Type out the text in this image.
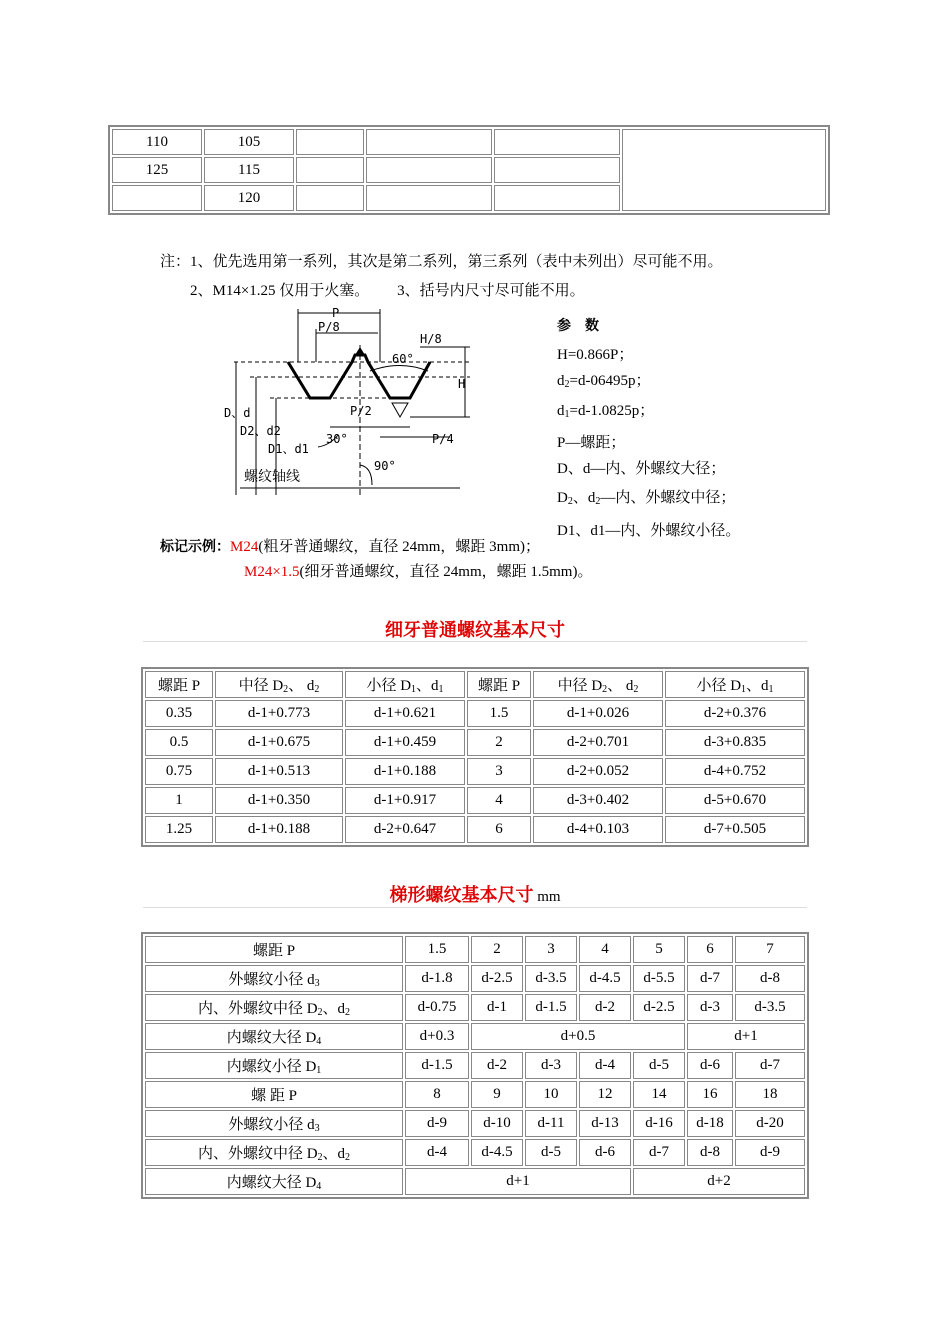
110	105				
125	115				
	120				
注：1、优先选用第一系列，其次是第二系列，第三系列（表中未列出）尽可能不用。
2、M14×1.25 仅用于火塞。 3、括号内尺寸尽可能不用。
P
P/8
H/8
60°
H
D、d
D2、d2
D1、d1
P/2
P/4
30°
90°
螺纹轴线
参　数
H=0.866P；
$d_2=d-06495p$；
$d_1=d-1.0825p$；
P—螺距；
D、d—内、外螺纹大径；
$D_2$、$d_2—$内、外螺纹中径；
D1、d1—内、外螺纹小径。
标记示例：M24(粗牙普通螺纹，直径 24mm，螺距 3mm)；
M24×1.5(细牙普通螺纹，直径 24mm，螺距 1.5mm)。
细牙普通螺纹基本尺寸
螺距 P	中径 $D_2$、 $d_2$	小径 $D_1$、$d_1$	螺距 P	中径 $D_2$、 $d_2$	小径 $D_1$、$d_1$
0.35	d-1+0.773	d-1+0.621	1.5	d-1+0.026	d-2+0.376
0.5	d-1+0.675	d-1+0.459	2	d-2+0.701	d-3+0.835
0.75	d-1+0.513	d-1+0.188	3	d-2+0.052	d-4+0.752
1	d-1+0.350	d-1+0.917	4	d-3+0.402	d-5+0.670
1.25	d-1+0.188	d-2+0.647	6	d-4+0.103	d-7+0.505
梯形螺纹基本尺寸 mm
螺距 P	1.5	2	3	4	5	6	7
外螺纹小径 $d_3$	d-1.8	d-2.5	d-3.5	d-4.5	d-5.5	d-7	d-8
内、外螺纹中径 $D_2$、$d_2$	d-0.75	d-1	d-1.5	d-2	d-2.5	d-3	d-3.5
内螺纹大径 $D_4$	d+0.3	d+0.5				d+1	
内螺纹小径 $D_1$	d-1.5	d-2	d-3	d-4	d-5	d-6	d-7
螺 距 P	8	9	10	12	14	16	18
外螺纹小径 $d_3$	d-9	d-10	d-11	d-13	d-16	d-18	d-20
内、外螺纹中径 $D_2$、$d_2$	d-4	d-4.5	d-5	d-6	d-7	d-8	d-9
内螺纹大径 $D_4$	d+1				d+2		
